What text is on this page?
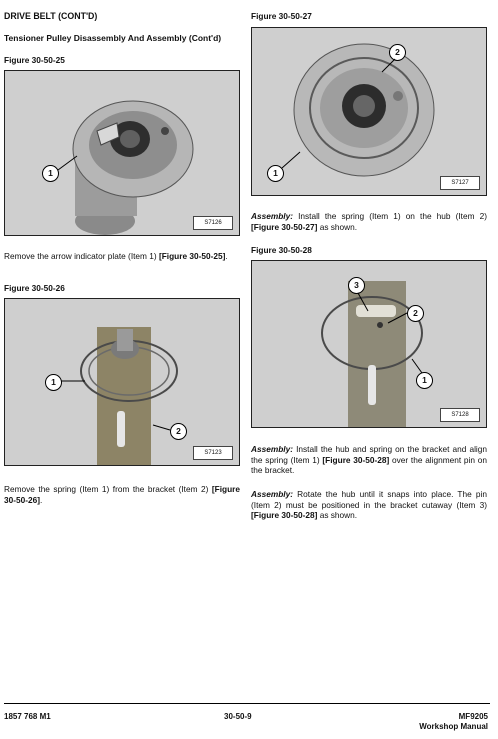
DRIVE BELT (CONT'D)
Tensioner Pulley Disassembly And Assembly (Cont'd)
Figure 30-50-25
1
S7126
Remove the arrow indicator plate (Item 1) [Figure 30-50-25].
Figure 30-50-26
1
2
S7123
Remove the spring (Item 1) from the bracket (Item 2) [Figure 30-50-26].
Figure 30-50-27
2
1
S7127
Assembly: Install the spring (Item 1) on the hub (Item 2) [Figure 30-50-27] as shown.
Figure 30-50-28
3
2
1
S7128
Assembly: Install the hub and spring on the bracket and align the spring (Item 1) [Figure 30-50-28] over the alignment pin on the bracket.
Assembly: Rotate the hub until it snaps into place. The pin (Item 2) must be positioned in the bracket cutaway (Item 3) [Figure 30-50-28] as shown.
1857 768 M1	30-50-9	MF9205
Workshop Manual
